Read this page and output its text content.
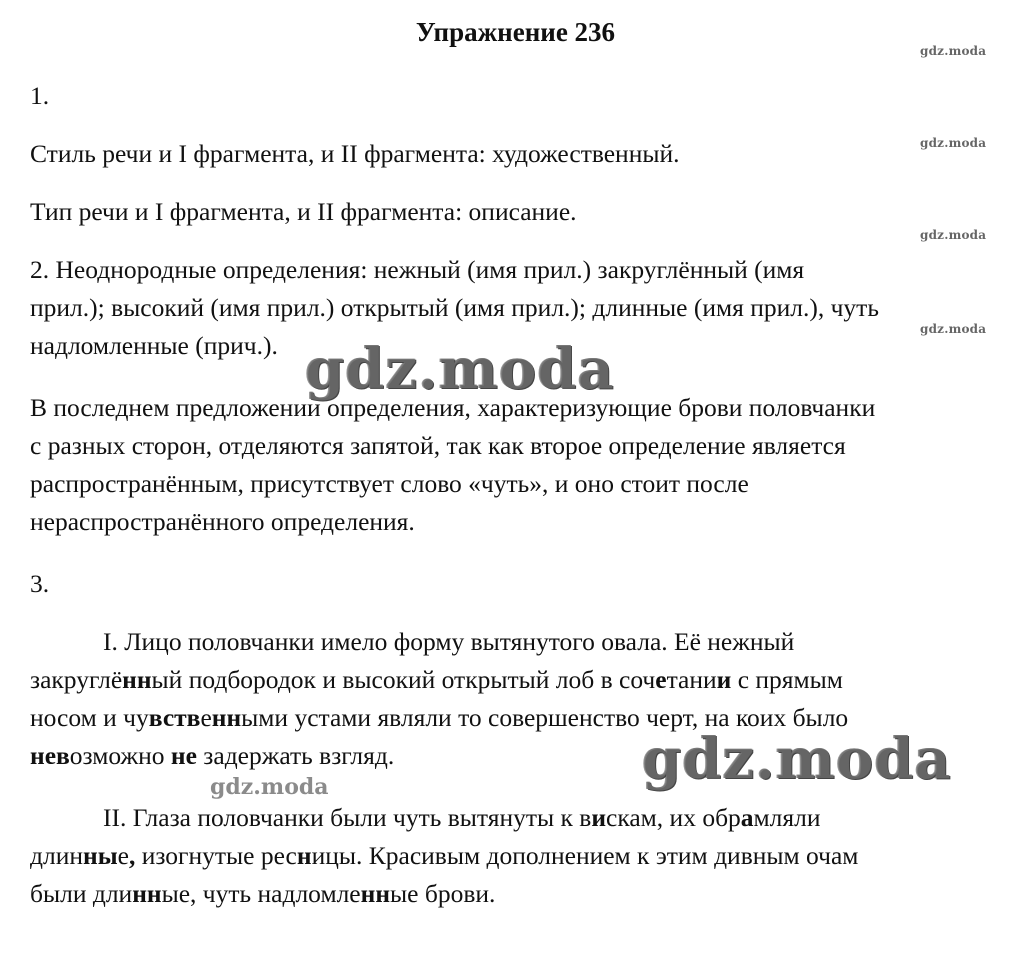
Упражнение 236
gdz.moda
gdz.moda
gdz.moda
gdz.moda
1.
Стиль речи и I фрагмента, и II фрагмента: художественный.
Тип речи и I фрагмента, и II фрагмента: описание.
2. Неоднородные определения: нежный (имя прил.) закруглённый (имя
прил.); высокий (имя прил.) открытый (имя прил.); длинные (имя прил.), чуть
надломленные (прич.). gdz.moda
В последнем предложении определения, характеризующие брови половчанки
с разных сторон, отделяются запятой, так как второе определение является
распространённым, присутствует слово «чуть», и оно стоит после
нераспространённого определения.
3.
I. Лицо половчанки имело форму вытянутого овала. Её нежный
закруглённый подбородок и высокий открытый лоб в сочетании с прямым
носом и чувственными устами являли то совершенство черт, на коих было
невозможно не задержать взгляд.	gdz.moda
gdz.moda
II. Глаза половчанки были чуть вытянуты к вискам, их обрамляли
длинные, изогнутые ресницы. Красивым дополнением к этим дивным очам
были длинные, чуть надломленные брови.
